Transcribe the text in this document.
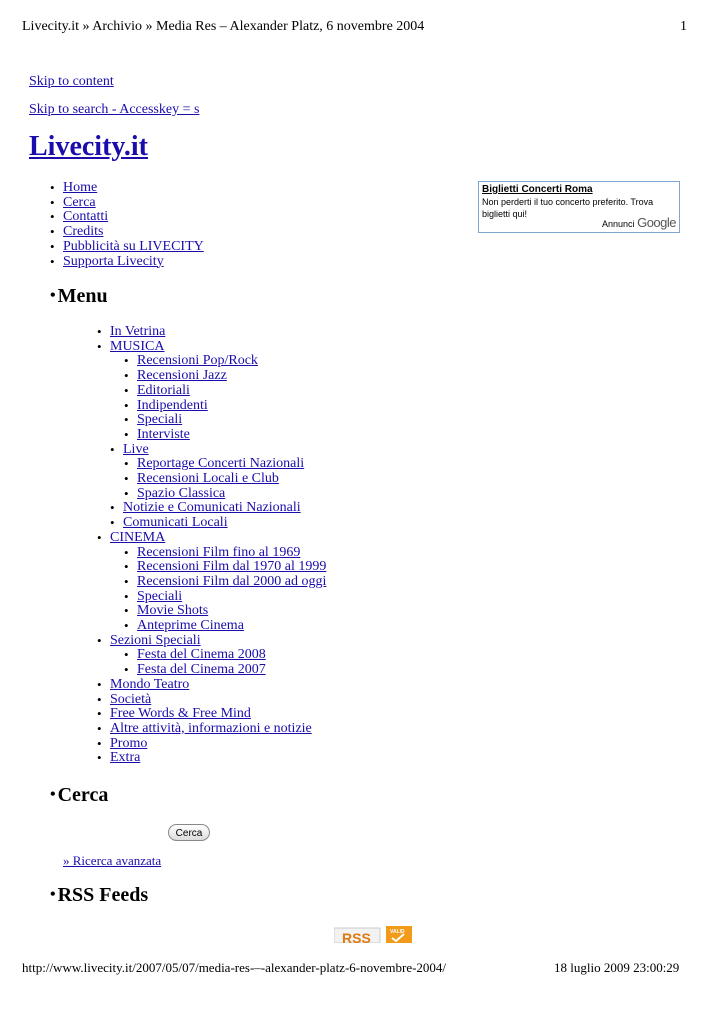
Livecity.it » Archivio » Media Res – Alexander Platz, 6 novembre 2004	1
Skip to content
Skip to search - Accesskey = s
Livecity.it
• Home
• Cerca
• Contatti
• Credits
• Pubblicità su LIVECITY
• Supporta Livecity
Biglietti Concerti Roma
Non perderti il tuo concerto preferito. Trova biglietti qui!
Annunci Google
• Menu
• In Vetrina
• MUSICA
• Recensioni Pop/Rock
• Recensioni Jazz
• Editoriali
• Indipendenti
• Speciali
• Interviste
• Live
• Reportage Concerti Nazionali
• Recensioni Locali e Club
• Spazio Classica
• Notizie e Comunicati Nazionali
• Comunicati Locali
• CINEMA
• Recensioni Film fino al 1969
• Recensioni Film dal 1970 al 1999
• Recensioni Film dal 2000 ad oggi
• Speciali
• Movie Shots
• Anteprime Cinema
• Sezioni Speciali
• Festa del Cinema 2008
• Festa del Cinema 2007
• Mondo Teatro
• Società
• Free Words & Free Mind
• Altre attività, informazioni e notizie
• Promo
• Extra
• Cerca
Cerca
» Ricerca avanzata
• RSS Feeds
RSS	VALID
http://www.livecity.it/2007/05/07/media-res-–-alexander-platz-6-novembre-2004/	18 luglio 2009 23:00:29
